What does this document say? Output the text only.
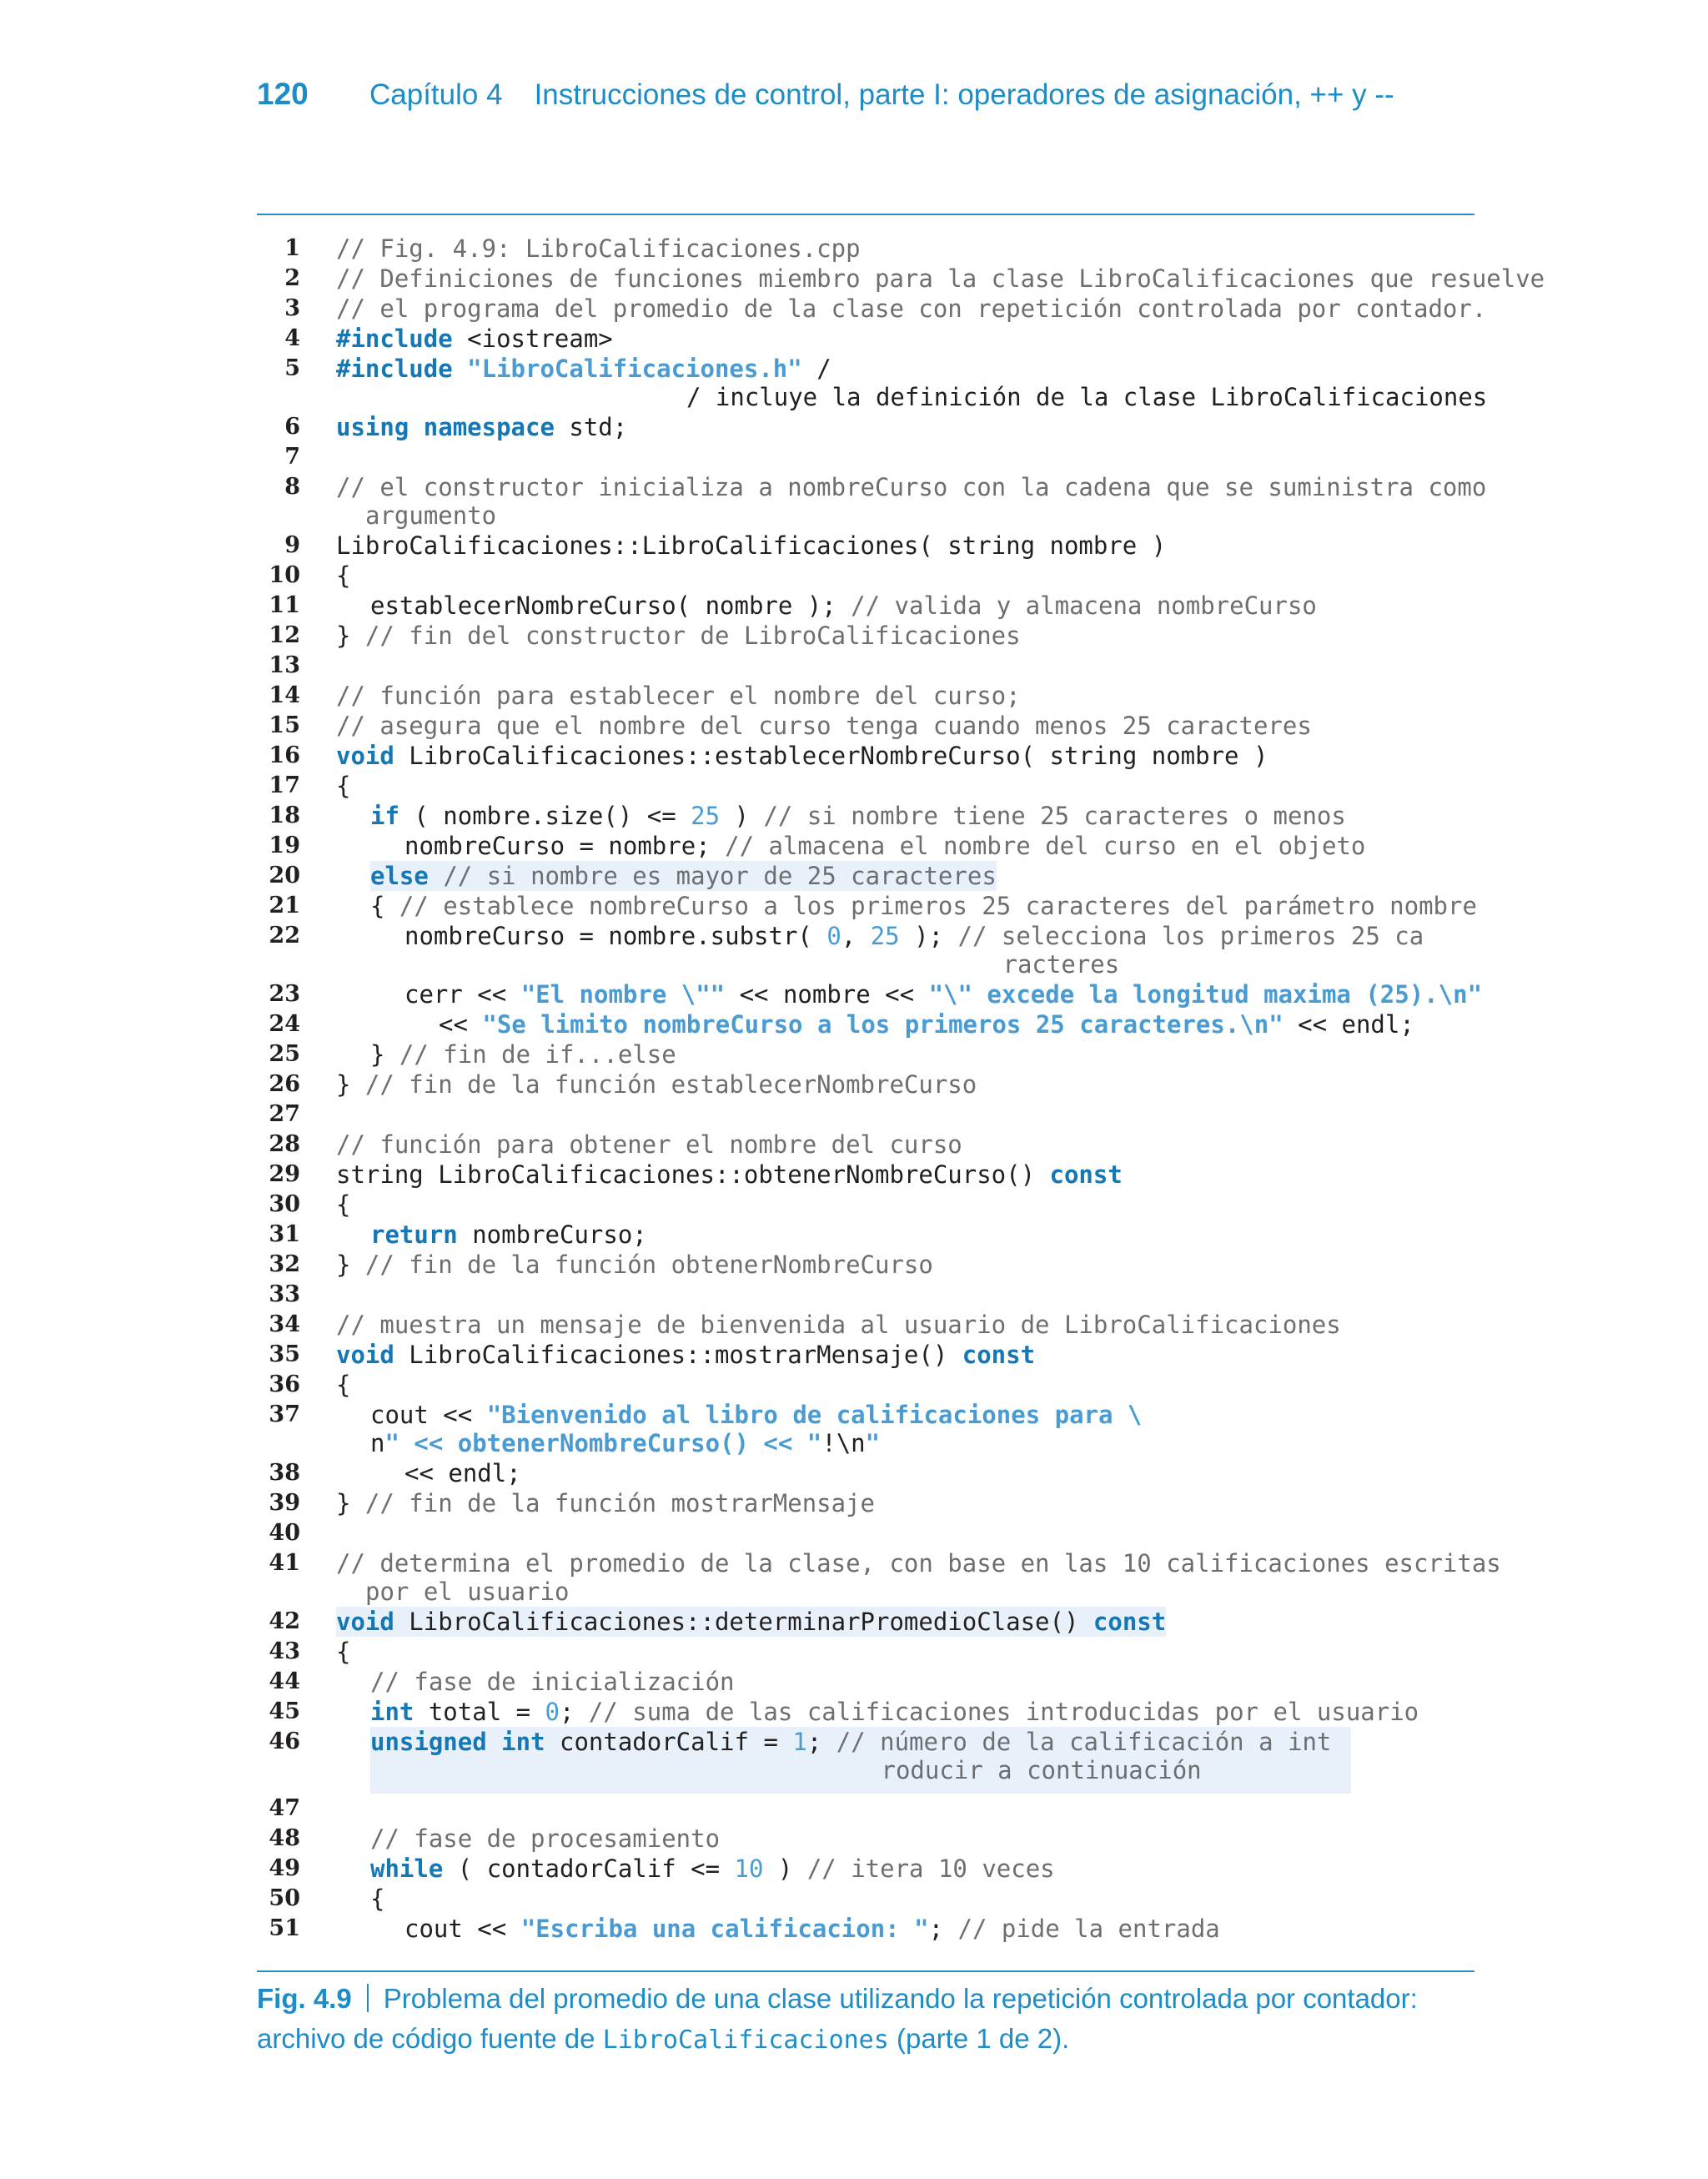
120	Capítulo 4 Instrucciones de control, parte I: operadores de asignación, ++ y --
1 // Fig. 4.9: LibroCalificaciones.cpp
2 // Definiciones de funciones miembro para la clase LibroCalificaciones que resuelve
3 // el programa del promedio de la clase con repetición controlada por contador.
4 #include <iostream>
5 #include "LibroCalificaciones.h" /
/ incluye la definición de la clase LibroCalificaciones
6 using namespace std;
7
8 // el constructor inicializa a nombreCurso con la cadena que se suministra como
argumento
9 LibroCalificaciones::LibroCalificaciones( string nombre )
10 {
11	establecerNombreCurso( nombre ); // valida y almacena nombreCurso
12 } // fin del constructor de LibroCalificaciones
13
14 // función para establecer el nombre del curso;
15 // asegura que el nombre del curso tenga cuando menos 25 caracteres
16 void LibroCalificaciones::establecerNombreCurso( string nombre )
17 {
18	if ( nombre.size() <= 25 ) // si nombre tiene 25 caracteres o menos
19	nombreCurso = nombre; // almacena el nombre del curso en el objeto
20	else // si nombre es mayor de 25 caracteres
21	{ // establece nombreCurso a los primeros 25 caracteres del parámetro nombre
22	nombreCurso = nombre.substr( 0, 25 ); // selecciona los primeros 25 ca
racteres
23	cerr << "El nombre \"" << nombre << "\" excede la longitud maxima (25).\n"
24	<< "Se limito nombreCurso a los primeros 25 caracteres.\n" << endl;
25	} // fin de if...else
26 } // fin de la función establecerNombreCurso
27
28 // función para obtener el nombre del curso
29 string LibroCalificaciones::obtenerNombreCurso() const
30 {
31	return nombreCurso;
32 } // fin de la función obtenerNombreCurso
33
34 // muestra un mensaje de bienvenida al usuario de LibroCalificaciones
35 void LibroCalificaciones::mostrarMensaje() const
36 {
37	cout << "Bienvenido al libro de calificaciones para \
n" << obtenerNombreCurso() << "!\n"
38	<< endl;
39 } // fin de la función mostrarMensaje
40
41 // determina el promedio de la clase, con base en las 10 calificaciones escritas
por el usuario
42 void LibroCalificaciones::determinarPromedioClase() const
43 {
44	// fase de inicialización
45	int total = 0; // suma de las calificaciones introducidas por el usuario
46	unsigned int contadorCalif = 1; // número de la calificación a int
roducir a continuación
47
48	// fase de procesamiento
49	while ( contadorCalif <= 10 ) // itera 10 veces
50	{
51	cout << "Escriba una calificacion: "; // pide la entrada
Fig. 4.9 Problema del promedio de una clase utilizando la repetición controlada por contador: archivo de código fuente de LibroCalificaciones (parte 1 de 2).
